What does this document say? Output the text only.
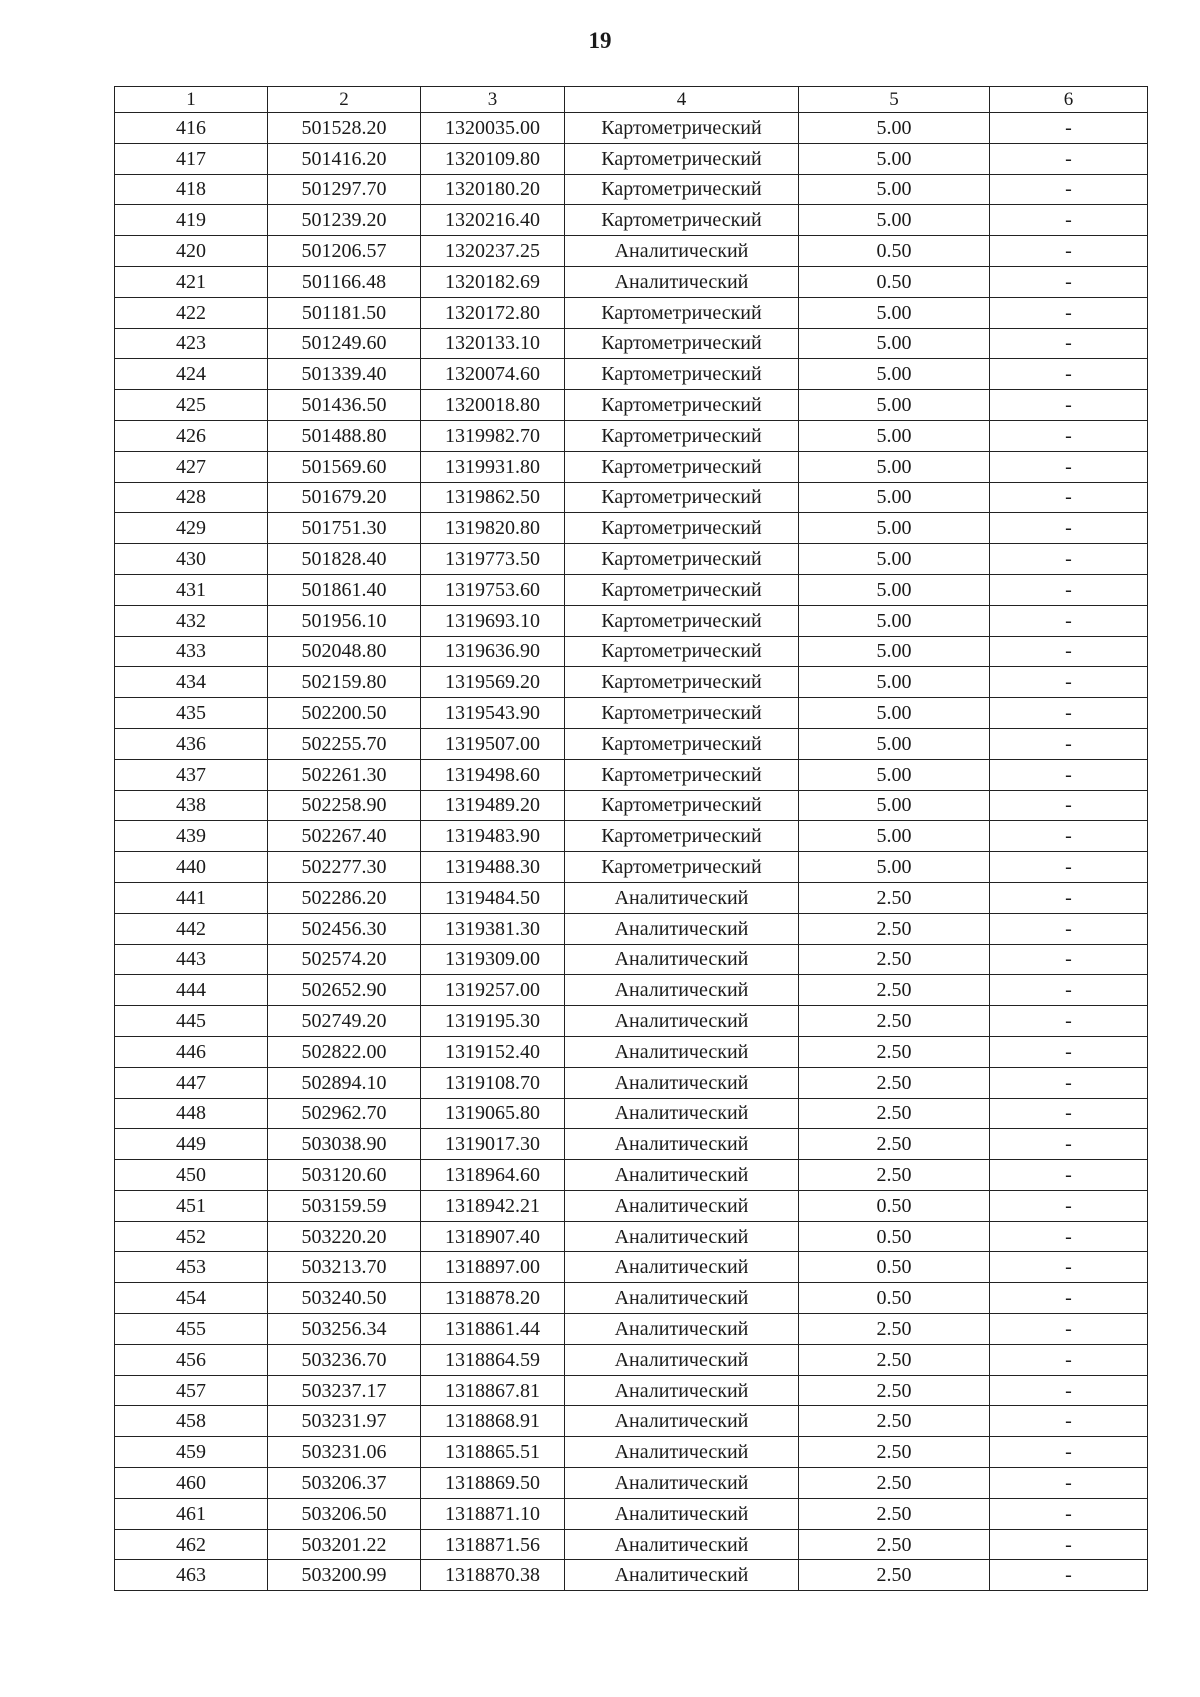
19
1	2	3	4	5	6
416	501528.20	1320035.00	Картометрический	5.00	-
417	501416.20	1320109.80	Картометрический	5.00	-
418	501297.70	1320180.20	Картометрический	5.00	-
419	501239.20	1320216.40	Картометрический	5.00	-
420	501206.57	1320237.25	Аналитический	0.50	-
421	501166.48	1320182.69	Аналитический	0.50	-
422	501181.50	1320172.80	Картометрический	5.00	-
423	501249.60	1320133.10	Картометрический	5.00	-
424	501339.40	1320074.60	Картометрический	5.00	-
425	501436.50	1320018.80	Картометрический	5.00	-
426	501488.80	1319982.70	Картометрический	5.00	-
427	501569.60	1319931.80	Картометрический	5.00	-
428	501679.20	1319862.50	Картометрический	5.00	-
429	501751.30	1319820.80	Картометрический	5.00	-
430	501828.40	1319773.50	Картометрический	5.00	-
431	501861.40	1319753.60	Картометрический	5.00	-
432	501956.10	1319693.10	Картометрический	5.00	-
433	502048.80	1319636.90	Картометрический	5.00	-
434	502159.80	1319569.20	Картометрический	5.00	-
435	502200.50	1319543.90	Картометрический	5.00	-
436	502255.70	1319507.00	Картометрический	5.00	-
437	502261.30	1319498.60	Картометрический	5.00	-
438	502258.90	1319489.20	Картометрический	5.00	-
439	502267.40	1319483.90	Картометрический	5.00	-
440	502277.30	1319488.30	Картометрический	5.00	-
441	502286.20	1319484.50	Аналитический	2.50	-
442	502456.30	1319381.30	Аналитический	2.50	-
443	502574.20	1319309.00	Аналитический	2.50	-
444	502652.90	1319257.00	Аналитический	2.50	-
445	502749.20	1319195.30	Аналитический	2.50	-
446	502822.00	1319152.40	Аналитический	2.50	-
447	502894.10	1319108.70	Аналитический	2.50	-
448	502962.70	1319065.80	Аналитический	2.50	-
449	503038.90	1319017.30	Аналитический	2.50	-
450	503120.60	1318964.60	Аналитический	2.50	-
451	503159.59	1318942.21	Аналитический	0.50	-
452	503220.20	1318907.40	Аналитический	0.50	-
453	503213.70	1318897.00	Аналитический	0.50	-
454	503240.50	1318878.20	Аналитический	0.50	-
455	503256.34	1318861.44	Аналитический	2.50	-
456	503236.70	1318864.59	Аналитический	2.50	-
457	503237.17	1318867.81	Аналитический	2.50	-
458	503231.97	1318868.91	Аналитический	2.50	-
459	503231.06	1318865.51	Аналитический	2.50	-
460	503206.37	1318869.50	Аналитический	2.50	-
461	503206.50	1318871.10	Аналитический	2.50	-
462	503201.22	1318871.56	Аналитический	2.50	-
463	503200.99	1318870.38	Аналитический	2.50	-
